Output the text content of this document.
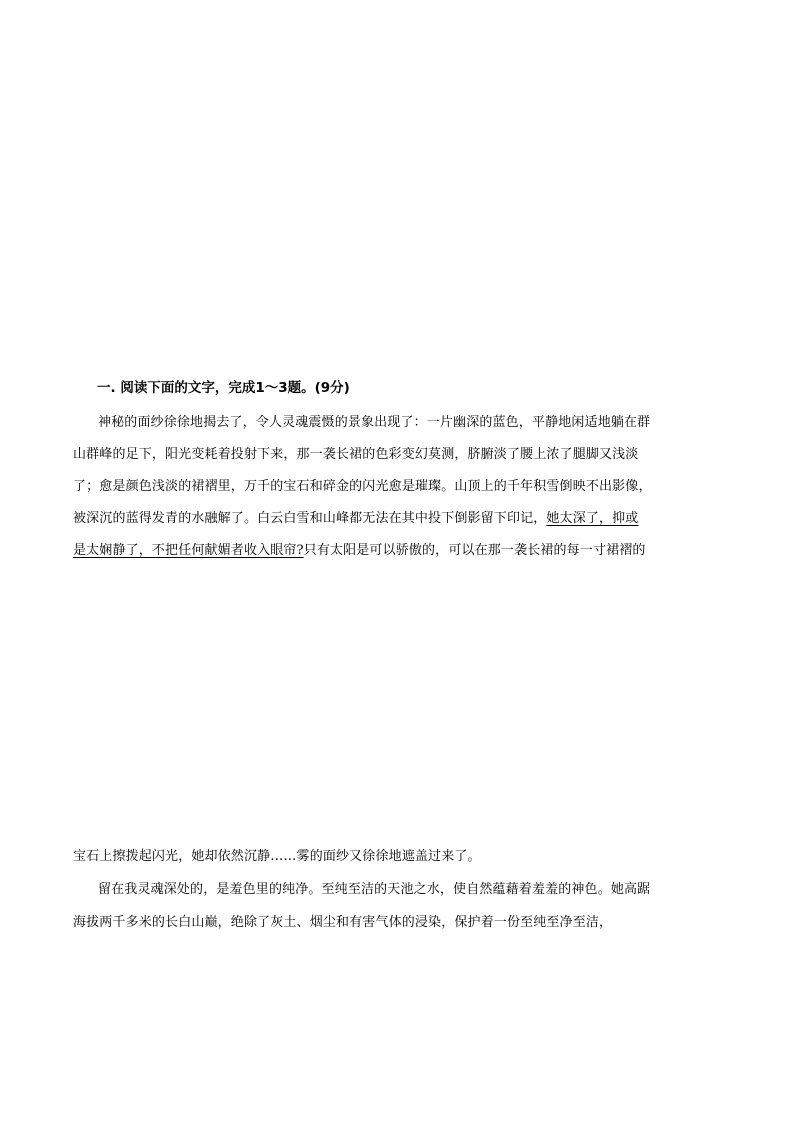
一. 阅读下面的文字，完成1～3题。(9分)
神秘的面纱徐徐地揭去了，令人灵魂震慑的景象出现了：一片幽深的蓝色，平静地闲适地躺在群
山群峰的足下，阳光变耗着投射下来，那一袭长裙的色彩变幻莫测，脐腑淡了腰上浓了腿脚又浅淡
了；愈是颜色浅淡的裙褶里，万千的宝石和碎金的闪光愈是璀璨。山顶上的千年积雪倒映不出影像，
被深沉的蓝得发青的水融解了。白云白雪和山峰都无法在其中投下倒影留下印记，她太深了，抑或
是太娴静了，不把任何献媚者收入眼帘?只有太阳是可以骄傲的，可以在那一袭长裙的每一寸裙褶的
宝石上擦拨起闪光，她却依然沉静……雾的面纱又徐徐地遮盖过来了。
留在我灵魂深处的，是羞色里的纯净。至纯至洁的天池之水，使自然蕴藉着羞羞的神色。她高踞
海拔两千多米的长白山巅，绝除了灰土、烟尘和有害气体的浸染，保护着一份至纯至净至洁，
